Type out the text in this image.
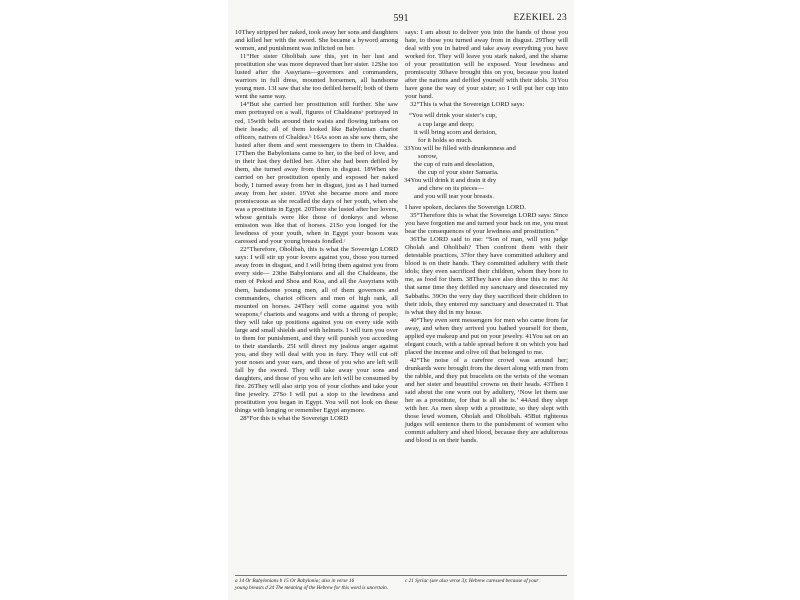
591	EZEKIEL 23

10They stripped her naked, took away her sons and daughters and killed her with the sword. She became a byword among women, and punishment was inflicted on her.

11“Her sister Oholibah saw this, yet in her lust and prostitution she was more depraved than her sister. 12She too lusted after the Assyrians—governors and commanders, warriors in full dress, mounted horsemen, all handsome young men. 13I saw that she too defiled herself; both of them went the same way.

14“But she carried her prostitution still further. She saw men portrayed on a wall, figures of Chaldeansᵃ portrayed in red, 15with belts around their waists and flowing turbans on their heads; all of them looked like Babylonian chariot officers, natives of Chaldea.ᵇ 16As soon as she saw them, she lusted after them and sent messengers to them in Chaldea. 17Then the Babylonians came to her, to the bed of love, and in their lust they defiled her. After she had been defiled by them, she turned away from them in disgust. 18When she carried on her prostitution openly and exposed her naked body, I turned away from her in disgust, just as I had turned away from her sister. 19Yet she became more and more promiscuous as she recalled the days of her youth, when she was a prostitute in Egypt. 20There she lusted after her lovers, whose genitals were like those of donkeys and whose emission was like that of horses. 21So you longed for the lewdness of your youth, when in Egypt your bosom was caressed and your young breasts fondled.ᶜ

22“Therefore, Oholibah, this is what the Sovereign LORD says: I will stir up your lovers against you, those you turned away from in disgust, and I will bring them against you from every side— 23the Babylonians and all the Chaldeans, the men of Pekod and Shoa and Koa, and all the Assyrians with them, handsome young men, all of them governors and commanders, chariot officers and men of high rank, all mounted on horses. 24They will come against you with weapons,ᵈ chariots and wagons and with a throng of people; they will take up positions against you on every side with large and small shields and with helmets. I will turn you over to them for punishment, and they will punish you according to their standards. 25I will direct my jealous anger against you, and they will deal with you in fury. They will cut off your noses and your ears, and those of you who are left will fall by the sword. They will take away your sons and daughters, and those of you who are left will be consumed by fire. 26They will also strip you of your clothes and take your fine jewelry. 27So I will put a stop to the lewdness and prostitution you began in Egypt. You will not look on these things with longing or remember Egypt anymore.

28“For this is what the Sovereign LORD

says: I am about to deliver you into the hands of those you hate, to those you turned away from in disgust. 29They will deal with you in hatred and take away everything you have worked for. They will leave you stark naked, and the shame of your prostitution will be exposed. Your lewdness and promiscuity 30have brought this on you, because you lusted after the nations and defiled yourself with their idols. 31You have gone the way of your sister; so I will put her cup into your hand.

32“This is what the Sovereign LORD says:

“You will drink your sister’s cup,

a cup large and deep;

it will bring scorn and derision,

for it holds so much.

33You will be filled with drunkenness and

sorrow,

the cup of ruin and desolation,

the cup of your sister Samaria.

34You will drink it and drain it dry

and chew on its pieces—

and you will tear your breasts.

I have spoken, declares the Sovereign LORD.

35“Therefore this is what the Sovereign LORD says: Since you have forgotten me and turned your back on me, you must bear the consequences of your lewdness and prostitution.”

36The LORD said to me: “Son of man, will you judge Oholah and Oholibah? Then confront them with their detestable practices, 37for they have committed adultery and blood is on their hands. They committed adultery with their idols; they even sacrificed their children, whom they bore to me, as food for them. 38They have also done this to me: At that same time they defiled my sanctuary and desecrated my Sabbaths. 39On the very day they sacrificed their children to their idols, they entered my sanctuary and desecrated it. That is what they did in my house.

40“They even sent messengers for men who came from far away, and when they arrived you bathed yourself for them, applied eye makeup and put on your jewelry. 41You sat on an elegant couch, with a table spread before it on which you had placed the incense and olive oil that belonged to me.

42“The noise of a carefree crowd was around her; drunkards were brought from the desert along with men from the rabble, and they put bracelets on the wrists of the woman and her sister and beautiful crowns on their heads. 43Then I said about the one worn out by adultery, ‘Now let them use her as a prostitute, for that is all she is.’ 44And they slept with her. As men sleep with a prostitute, so they slept with those lewd women, Oholah and Oholibah. 45But righteous judges will sentence them to the punishment of women who commit adultery and shed blood, because they are adulterous and blood is on their hands.

a 14 Or Babylonians b 15 Or Babylonia; also in verse 16
young breasts d 24 The meaning of the Hebrew for this word is uncertain.
c 21 Syriac (see also verse 3); Hebrew caressed because of your
